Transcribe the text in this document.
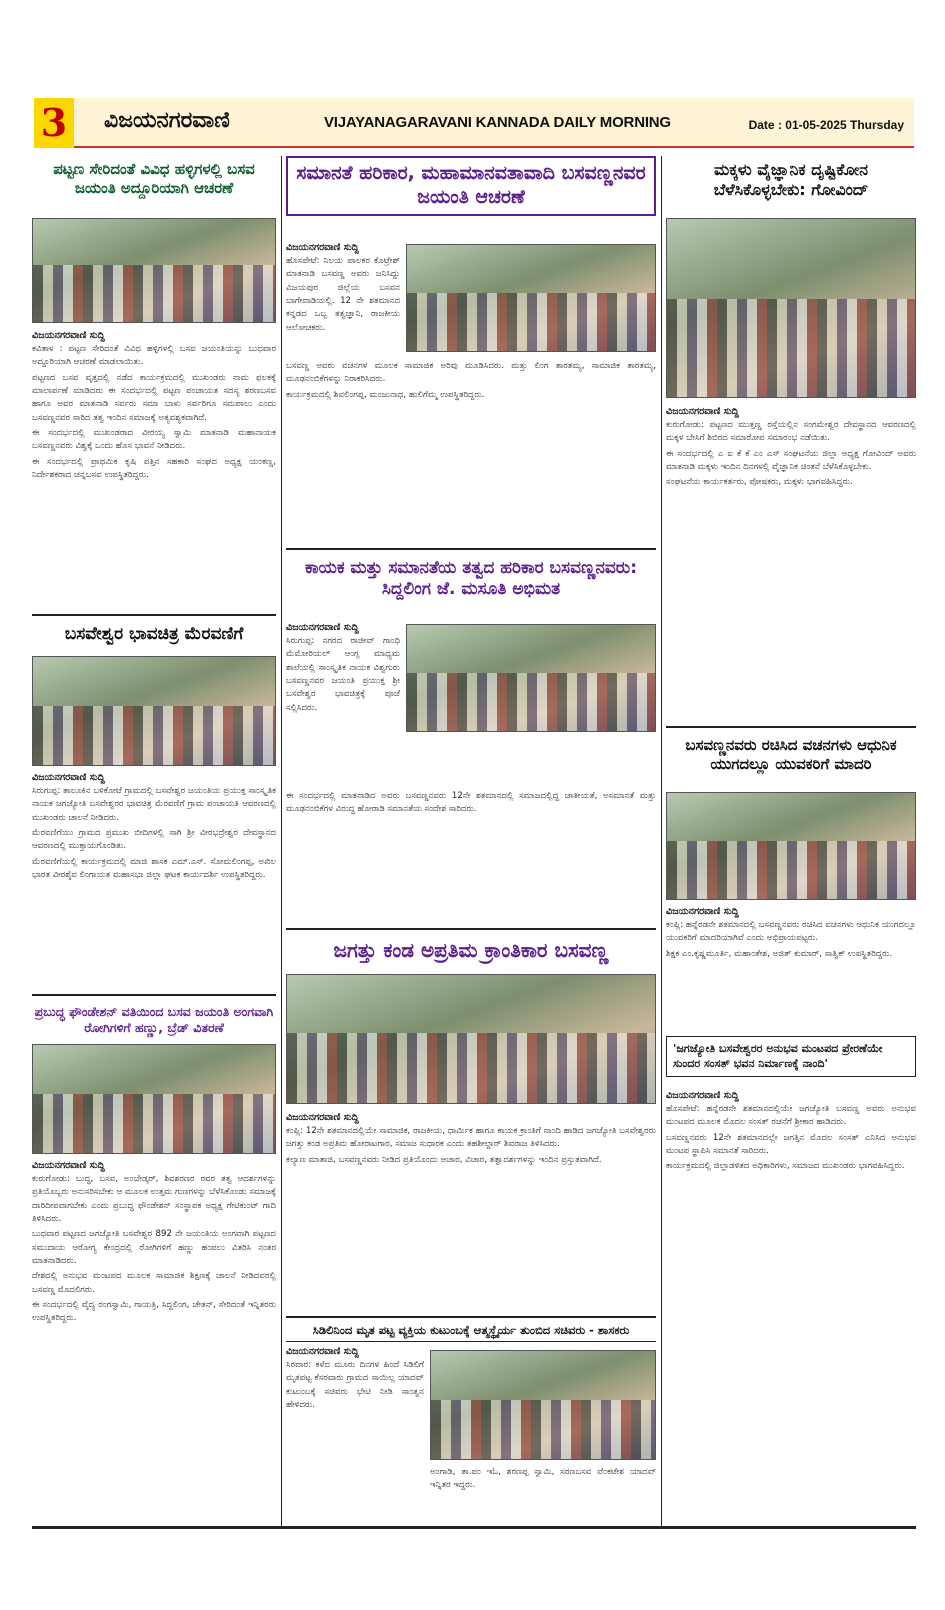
3	ವಿಜಯನಗರವಾಣಿ	VIJAYANAGARAVANI KANNADA DAILY MORNING	Date : 01-05-2025 Thursday
ಪಟ್ಟಣ ಸೇರಿದಂತೆ ವಿವಿಧ ಹಳ್ಳಿಗಳಲ್ಲಿ ಬಸವ ಜಯಂತಿ ಅದ್ದೂರಿಯಾಗಿ ಆಚರಣೆ
ವಿಜಯನಗರವಾಣಿ ಸುದ್ದಿ

ಕವಿತಾಳ : ಪಟ್ಟಣ ಸೇರಿದಂತೆ ವಿವಿಧ ಹಳ್ಳಿಗಳಲ್ಲಿ ಬಸವ ಜಯಂತಿಯನ್ನು ಬುಧವಾರ ಅದ್ದೂರಿಯಾಗಿ ಆಚರಣೆ ಮಾಡಲಾಯಿತು.

ಪಟ್ಟಣದ ಬಸವ ವೃತ್ತದಲ್ಲಿ ನಡೆದ ಕಾರ್ಯಕ್ರಮದಲ್ಲಿ ಮುಖಂಡರು ನಾಮ ಫಲಕಕ್ಕೆ ಮಾಲಾರ್ಪಣೆ ಮಾಡಿದರು ಈ ಸಂದರ್ಭದಲ್ಲಿ ಪಟ್ಟಣ ಪಂಚಾಯತ ಸದಸ್ಯ ಶರಣಬಸವ ಹಾಗೂ ಅವರ ಮಾತನಾಡಿ ಸರ್ವರು ಸಮಾ ಬಾಳು ಸರ್ವರಿಗೂ ಸಮಪಾಲು ಎಂದು ಬಸವಣ್ಣನವರ ಸಾರಿದ ತತ್ವ ಇಂದಿನ ಸಮಾಜಕ್ಕೆ ಅತ್ಯವಶ್ಯಕವಾಗಿದೆ.

ಈ ಸಂದರ್ಭದಲ್ಲಿ ಮುಖಂಡರಾದ ವೀರಯ್ಯ ಸ್ವಾಮಿ ಮಾತನಾಡಿ ಮಹಾನಾಯಕ ಬಸವಣ್ಣನವರು ವಿಶ್ವಕ್ಕೆ ಒಂದು ಹೊಸ ಭಾವನೆ ನೀಡಿದರು.

ಈ ಸಂದರ್ಭದಲ್ಲಿ ಪ್ರಾಥಮಿಕ ಕೃಷಿ ಪತ್ತಿನ ಸಹಕಾರಿ ಸಂಘದ ಅಧ್ಯಕ್ಷ ಯಂಕಣ್ಣ, ನಿರ್ದೇಶಕರಾದ ಚನ್ನಬಸವ ಉಪಸ್ಥಿತರಿದ್ದರು.

ಬಸವೇಶ್ವರ ಭಾವಚಿತ್ರ ಮೆರವಣಿಗೆ
ವಿಜಯನಗರವಾಣಿ ಸುದ್ದಿ

ಸಿರುಗುಪ್ಪ: ತಾಲೂಕಿನ ಬಳಿಕೋಟೆ ಗ್ರಾಮದಲ್ಲಿ ಬಸವೇಶ್ವರ ಜಯಂತಿಯ ಪ್ರಯುಕ್ತ ಸಾಂಸ್ಕೃತಿಕ ನಾಯಕ ಜಗಜ್ಯೋತಿ ಬಸವೇಶ್ವರರ ಭಾವಚಿತ್ರ ಮೆರವಣಿಗೆ ಗ್ರಾಮ ಪಂಚಾಯತಿ ಆವರಣದಲ್ಲಿ ಮುಖಂಡರು ಚಾಲನೆ ನೀಡಿದರು.

ಮೆರವಣಿಗೆಯು ಗ್ರಾಮದ ಪ್ರಮುಖ ಬೀದಿಗಳಲ್ಲಿ ಸಾಗಿ ಶ್ರೀ ವೀರಭದ್ರೇಶ್ವರ ದೇವಸ್ಥಾನದ ಆವರಣದಲ್ಲಿ ಮುಕ್ತಾಯಗೊಂಡಿತು.

ಮೆರವಣಿಗೆಯಲ್ಲಿ ಕಾರ್ಯಕ್ರಮದಲ್ಲಿ ಮಾಜಿ ಶಾಸಕ ಎಮ್.ಎಸ್. ಸೋಮಲಿಂಗಪ್ಪ, ಅಖಿಲ ಭಾರತ ವೀರಶೈವ ಲಿಂಗಾಯತ ಮಹಾಸಭಾ ಜಿಲ್ಲಾ ಘಟಕ ಕಾರ್ಯದರ್ಶಿ ಉಪಸ್ಥಿತರಿದ್ದರು.

ಪ್ರಬುದ್ಧ ಫೌಂಡೇಶನ್ ವತಿಯಿಂದ ಬಸವ ಜಯಂತಿ ಅಂಗವಾಗಿ ರೋಗಿಗಳಿಗೆ ಹಣ್ಣು, ಬ್ರೆಡ್ ವಿತರಣೆ
ವಿಜಯನಗರವಾಣಿ ಸುದ್ದಿ

ಕುರುಗೋಡು: ಬುದ್ಧ, ಬಸವ, ಅಂಬೇಡ್ಕರ್, ಶಿವಶರಣರ ರವರ ತತ್ವ ಆದರ್ಶಗಳನ್ನು ಪ್ರತಿಯೊಬ್ಬರು ಅನುಸರಿಸಬೇಕು ಆ ಮೂಲಕ ಉತ್ತಮ ಗುಣಗಳನ್ನು ಬೆಳೆಸಿಕೊಂಡು ಸಮಾಜಕ್ಕೆ ದಾರಿದೀಪವಾಗಬೇಕು ಎಂದು ಪ್ರಬುದ್ಧ ಫೌಂಡೇಶನ್ ಸಂಸ್ಥಾಪಕ ಅಧ್ಯಕ್ಷ ಗೇಟಿಕುಂಟ್ ಗಾದಿ ತಿಳಿಸಿದರು.

ಬುಧವಾರ ಪಟ್ಟಣದ ಜಗಜ್ಯೋತಿ ಬಸವೇಶ್ವರ 892 ನೇ ಜಯಂತಿಯ ಅಂಗವಾಗಿ ಪಟ್ಟಣದ ಸಮುದಾಯ ಆರೋಗ್ಯ ಕೇಂದ್ರದಲ್ಲಿ ರೋಗಿಗಳಿಗೆ ಹಣ್ಣು ಹಂಪಲು ವಿತರಿಸಿ ನಂತರ ಮಾತನಾಡಿದರು.

ದೇಶದಲ್ಲಿ ಅನುಭವ ಮಂಟಪದ ಮೂಲಕ ಸಾಮಾಜಿಕ ಶಿಕ್ಷಣಕ್ಕೆ ಚಾಲನೆ ನೀಡಿದವರಲ್ಲಿ ಬಸವಣ್ಣ ಮೊದಲಿಗರು.

ಈ ಸಂದರ್ಭದಲ್ಲಿ ವೈದ್ಯ ರಂಗಸ್ವಾಮಿ, ಗಾಯತ್ರಿ, ಸಿದ್ದಲಿಂಗ, ಚೇತನ್, ಸೇರಿದಂತೆ ಇನ್ನಿತರರು ಉಪಸ್ಥಿತರಿದ್ದರು.

ಸಮಾನತೆ ಹರಿಕಾರ, ಮಹಾಮಾನವತಾವಾದಿ ಬಸವಣ್ಣನವರ ಜಯಂತಿ ಆಚರಣೆ
ವಿಜಯನಗರವಾಣಿ ಸುದ್ದಿ

ಹೊಸಪೇಟೆ: ನಿಲಯ ಪಾಲಕರ ಕೊಟ್ರೇಶ್ ಮಾತನಾಡಿ ಬಸವಣ್ಣ ಅವರು ಜನಿಸಿದ್ದು ವಿಜಯಪುರ ಜಿಲ್ಲೆಯ ಬಸವನ ಬಾಗೇವಾಡಿಯಲ್ಲಿ. 12 ನೇ ಶತಮಾನದ ಕನ್ನಡದ ಒಬ್ಬ ತತ್ವಜ್ಞಾನಿ, ರಾಜಕೀಯ ಆಲೋಚಕರು.

ಬಸವಣ್ಣ ಅವರು ವಚನಗಳ ಮೂಲಕ ಸಾಮಾಜಿಕ ಅರಿವು ಮೂಡಿಸಿದರು. ಮತ್ತು ಲಿಂಗ ತಾರತಮ್ಯ, ಸಾಮಾಜಿಕ ತಾರತಮ್ಯ, ಮೂಢನಂಬಿಕೆಗಳನ್ನು ನಿರಾಕರಿಸಿದರು.

ಕಾರ್ಯಕ್ರಮದಲ್ಲಿ ಶಿವಲಿಂಗಪ್ಪ, ಮಂಜುನಾಥ, ಹುಲಿಗೆಮ್ಮ ಉಪಸ್ಥಿತರಿದ್ದರು.

ಕಾಯಕ ಮತ್ತು ಸಮಾನತೆಯ ತತ್ವದ ಹರಿಕಾರ ಬಸವಣ್ಣನವರು: ಸಿದ್ದಲಿಂಗ ಜೆ. ಮಸೂತಿ ಅಭಿಮತ
ವಿಜಯನಗರವಾಣಿ ಸುದ್ದಿ

ಸಿರುಗುಪ್ಪ: ನಗರದ ರಾಜೀವ್ ಗಾಂಧಿ ಮೆಮೋರಿಯಲ್ ಆಂಗ್ಲ ಮಾಧ್ಯಮ ಶಾಲೆಯಲ್ಲಿ ಸಾಂಸ್ಕೃತಿಕ ನಾಯಕ ವಿಶ್ವಗುರು ಬಸವಣ್ಣನವರ ಜಯಂತಿ ಪ್ರಯುಕ್ತ ಶ್ರೀ ಬಸವೇಶ್ವರ ಭಾವಚಿತ್ರಕ್ಕೆ ಪೂಜೆ ಸಲ್ಲಿಸಿದರು.

ಈ ಸಂದರ್ಭದಲ್ಲಿ ಮಾತನಾಡಿದ ಅವರು ಬಸವಣ್ಣನವರು 12ನೇ ಶತಮಾನದಲ್ಲಿ ಸಮಾಜದಲ್ಲಿದ್ದ ಜಾತೀಯತೆ, ಅಸಮಾನತೆ ಮತ್ತು ಮೂಢನಂಬಿಕೆಗಳ ವಿರುದ್ಧ ಹೋರಾಡಿ ಸಮಾನತೆಯ ಸಂದೇಶ ಸಾರಿದರು.

ಜಗತ್ತು ಕಂಡ ಅಪ್ರತಿಮ ಕ್ರಾಂತಿಕಾರ ಬಸವಣ್ಣ
ವಿಜಯನಗರವಾಣಿ ಸುದ್ದಿ

ಕಂಪ್ಲಿ: 12ನೇ ಶತಮಾನದಲ್ಲಿಯೇ ಸಾಮಾಜಿಕ, ರಾಜಕೀಯ, ಧಾರ್ಮಿಕ ಹಾಗೂ ಕಾಯಕ ಕ್ರಾಂತಿಗೆ ನಾಂದಿ ಹಾಡಿದ ಜಗಜ್ಯೋತಿ ಬಸವೇಶ್ವರರು ಜಗತ್ತು ಕಂಡ ಅಪ್ರತಿಮ ಹೋರಾಟಗಾರ, ಸಮಾಜ ಸುಧಾರಕ ಎಂದು ತಹಶೀಲ್ದಾರ್ ಶಿವರಾಜ ತಿಳಿಸಿದರು.

ಕಲ್ಯಾಣ ಮಾತಾಜಿ, ಬಸವಣ್ಣನವರು ನೀಡಿದ ಪ್ರತಿಯೊಂದು ಆಚಾರ, ವಿಚಾರ, ತತ್ವಾದರ್ಶಗಳನ್ನು ಇಂದಿನ ಪ್ರಸ್ತುತವಾಗಿದೆ.

ಸಿಡಿಲಿನಿಂದ ಮೃತ ಪಟ್ಟ ವ್ಯಕ್ತಿಯ ಕುಟುಂಬಕ್ಕೆ ಆತ್ಮಸ್ಥೈರ್ಯ ತುಂಬಿದ ಸಚಿವರು - ಶಾಸಕರು
ವಿಜಯನಗರವಾಣಿ ಸುದ್ದಿ

ಸಿರವಾರ: ಕಳೆದ ಮೂರು ದಿನಗಳ ಹಿಂದೆ ಸಿಡಿಲಿಗೆ ಮೃತಪಟ್ಟ ಕೆಸರವಾರು ಗ್ರಾಮದ ಸಾಯಿಲ್ಲ ಯಾದವ್ ಕುಟುಂಬಕ್ಕೆ ಸಚಿವರು ಭೇಟಿ ನೀಡಿ ಸಾಂತ್ವನ ಹೇಳಿದರು.

ಅಂಗಾಡಿ, ತಾ.ಪಂ ಇಓ, ಶರಣಪ್ಪ ಸ್ವಾಮಿ, ಸರಣಬಸವ ವೆಂಕಟೇಶ ಯಾದವ್ ಇನ್ನಿತರ ಇದ್ದರು.

ಮಕ್ಕಳು ವೈಜ್ಞಾನಿಕ ದೃಷ್ಟಿಕೋನ ಬೆಳೆಸಿಕೊಳ್ಳಬೇಕು: ಗೋವಿಂದ್
ವಿಜಯನಗರವಾಣಿ ಸುದ್ದಿ

ಕುರುಗೋಡು: ಪಟ್ಟಣದ ಮುತ್ತಣ್ಣ ರಸ್ತೆಯಲ್ಲಿನ ಸಂಗಮೇಶ್ವರ ದೇವಸ್ಥಾನದ ಆವರಣದಲ್ಲಿ ಮಕ್ಕಳ ಬೇಸಿಗೆ ಶಿಬಿರದ ಸಮಾರೋಪ ಸಮಾರಂಭ ನಡೆಯಿತು.

ಈ ಸಂದರ್ಭದಲ್ಲಿ ಎ ಐ ಕೆ ಕೆ ಎಂ ಎಸ್ ಸಂಘಟನೆಯ ಜಿಲ್ಲಾ ಅಧ್ಯಕ್ಷ ಗೋವಿಂದ್ ಅವರು ಮಾತನಾಡಿ ಮಕ್ಕಳು ಇಂದಿನ ದಿನಗಳಲ್ಲಿ ವೈಜ್ಞಾನಿಕ ಚಿಂತನೆ ಬೆಳೆಸಿಕೊಳ್ಳಬೇಕು.

ಸಂಘಟನೆಯ ಕಾರ್ಯಕರ್ತರು, ಪೋಷಕರು, ಮಕ್ಕಳು ಭಾಗವಹಿಸಿದ್ದರು.

ಬಸವಣ್ಣನವರು ರಚಿಸಿದ ವಚನಗಳು ಆಧುನಿಕ ಯುಗದಲ್ಲೂ ಯುವಕರಿಗೆ ಮಾದರಿ
ವಿಜಯನಗರವಾಣಿ ಸುದ್ದಿ

ಕಂಪ್ಲಿ: ಹನ್ನೆರಡನೇ ಶತಮಾನದಲ್ಲಿ ಬಸವಣ್ಣನವರು ರಚಿಸಿದ ವಚನಗಳು ಆಧುನಿಕ ಯುಗದಲ್ಲೂ ಯುವಕರಿಗೆ ಮಾದರಿಯಾಗಿವೆ ಎಂದು ಅಭಿಪ್ರಾಯಪಟ್ಟರು.

ಶಿಕ್ಷಕ ಎಂ.ಕೃಷ್ಣಮೂರ್ತಿ, ಮಹಾಂತೇಶ, ಅಜಿತ್ ಕುಮಾರ್, ಸಾತ್ವಿಕ್ ಉಪಸ್ಥಿತರಿದ್ದರು.

'ಜಗಜ್ಯೋತಿ ಬಸವೇಶ್ವರರ ಅನುಭವ ಮಂಟಪದ ಪ್ರೇರಣೆಯೇ ಸುಂದರ ಸಂಸತ್ ಭವನ ನಿರ್ಮಾಣಕ್ಕೆ ನಾಂದಿ'
ವಿಜಯನಗರವಾಣಿ ಸುದ್ದಿ

ಹೊಸಪೇಟೆ: ಹನ್ನೆರಡನೇ ಶತಮಾನದಲ್ಲಿಯೇ ಜಗಜ್ಯೋತಿ ಬಸವಣ್ಣ ಅವರು ಅನುಭವ ಮಂಟಪದ ಮೂಲಕ ಮೊದಲ ಸಂಸತ್ ರಚನೆಗೆ ಶ್ರೀಕಾರ ಹಾಡಿದರು.

ಬಸವಣ್ಣನವರು 12ನೇ ಶತಮಾನದಲ್ಲೇ ಜಗತ್ತಿನ ಮೊದಲ ಸಂಸತ್ ಎನಿಸಿದ ಅನುಭವ ಮಂಟಪ ಸ್ಥಾಪಿಸಿ ಸಮಾನತೆ ಸಾರಿದರು.

ಕಾರ್ಯಕ್ರಮದಲ್ಲಿ ಜಿಲ್ಲಾಡಳಿತದ ಅಧಿಕಾರಿಗಳು, ಸಮಾಜದ ಮುಖಂಡರು ಭಾಗವಹಿಸಿದ್ದರು.
